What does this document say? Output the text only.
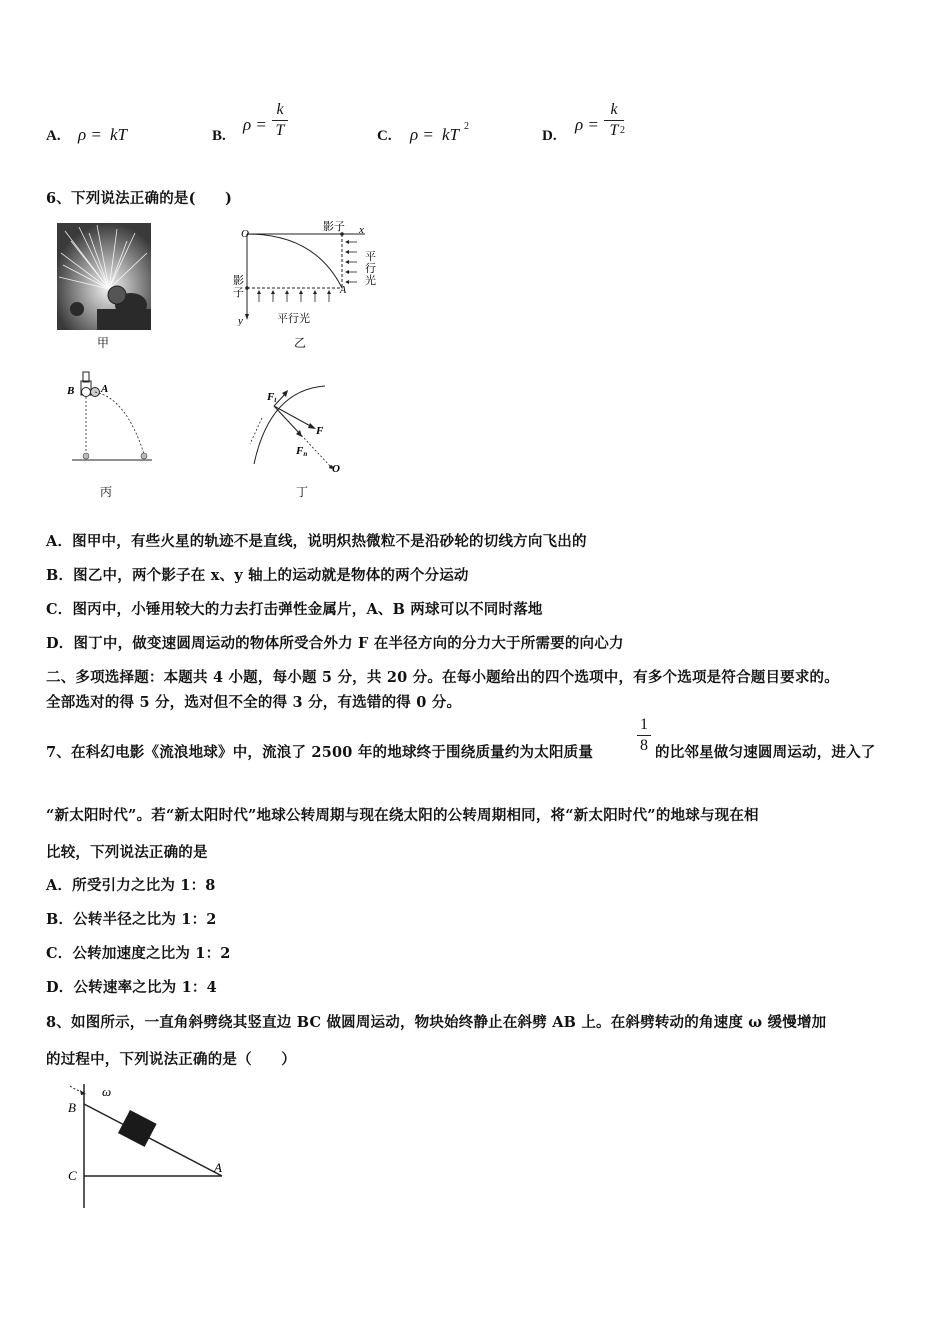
A. ρ = kT	B.
ρ =
k
T	C. ρ = kT 2
D.
ρ =
k
T 2
6、下列说法正确的是(　　)
甲
O	x
y
A
影子
影
子
平行光
平
行
光
乙
B A
丙
Ft
F
Fn
O
丁
A．图甲中，有些火星的轨迹不是直线，说明炽热微粒不是沿砂轮的切线方向飞出的
B．图乙中，两个影子在 x、y 轴上的运动就是物体的两个分运动
C．图丙中，小锤用较大的力去打击弹性金属片，A、B 两球可以不同时落地
D．图丁中，做变速圆周运动的物体所受合外力 F 在半径方向的分力大于所需要的向心力
二、多项选择题：本题共 4 小题，每小题 5 分，共 20 分。在每小题给出的四个选项中，有多个选项是符合题目要求的。
全部选对的得 5 分，选对但不全的得 3 分，有选错的得 0 分。
7、在科幻电影《流浪地球》中，流浪了 2500 年的地球终于围绕质量约为太阳质量
1
8 的比邻星做匀速圆周运动，进入了
“新太阳时代”。若“新太阳时代”地球公转周期与现在绕太阳的公转周期相同，将“新太阳时代”的地球与现在相
比较，下列说法正确的是
A．所受引力之比为 1：8
B．公转半径之比为 1：2
C．公转加速度之比为 1：2
D．公转速率之比为 1：4
8、如图所示，一直角斜劈绕其竖直边 BC 做圆周运动，物块始终静止在斜劈 AB 上。在斜劈转动的角速度 ω 缓慢增加
的过程中，下列说法正确的是（　　）
ω
B
C
A
